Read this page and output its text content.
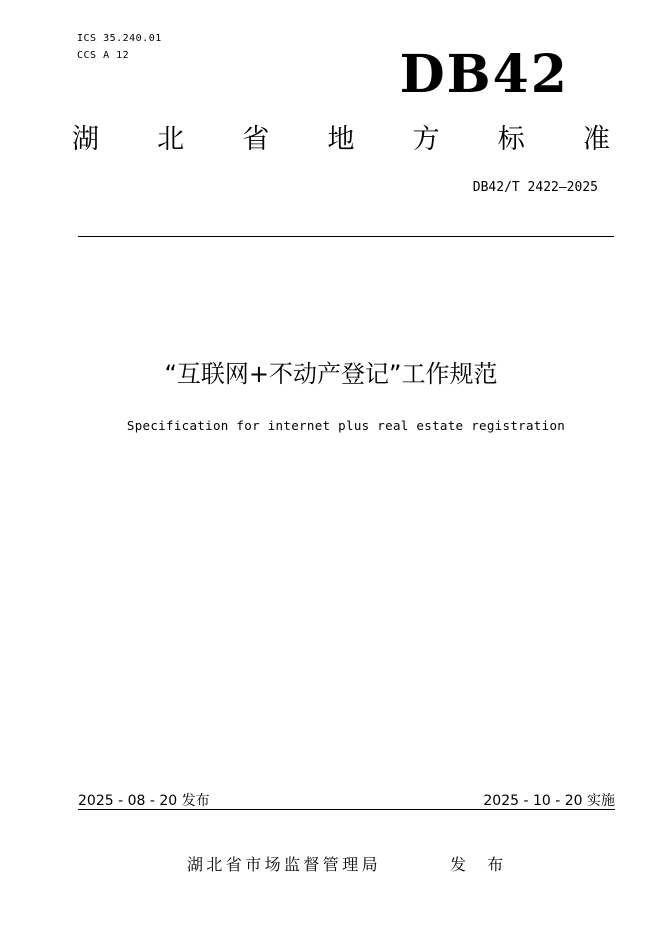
ICS 35.240.01
CCS A 12	DB42
湖 北 省 地 方 标 准
DB42/T 2422—2025
“互联网+不动产登记”工作规范
Specification for internet plus real estate registration
2025 - 08 - 20 发布	2025 - 10 - 20 实施
湖北省市场监督管理局	发 布
